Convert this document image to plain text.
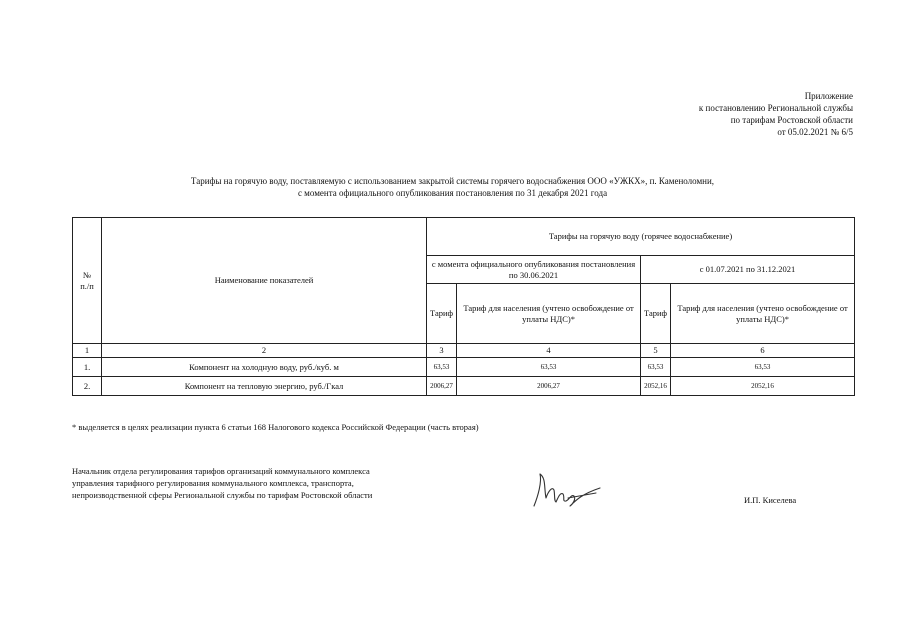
Приложение
к постановлению Региональной службы
по тарифам Ростовской области
от 05.02.2021 № 6/5
Тарифы на горячую воду, поставляемую с использованием закрытой системы горячего водоснабжения ООО «УЖКХ», п. Каменоломни,
с момента официального опубликования постановления по 31 декабря 2021 года
№
п./п	Наименование показателей	Тарифы на горячую воду (горячее водоснабжение)			
		с момента официального опубликования постановления по 30.06.2021		с 01.07.2021 по 31.12.2021	
		Тариф	Тариф для населения (учтено освобождение от уплаты НДС)*	Тариф	Тариф для населения (учтено освобождение от уплаты НДС)*
1	2	3	4	5	6
1.	Компонент на холодную воду, руб./куб. м	63,53	63,53	63,53	63,53
2.	Компонент на тепловую энергию, руб./Гкал	2006,27	2006,27	2052,16	2052,16
* выделяется в целях реализации пункта 6 статьи 168 Налогового кодекса Российской Федерации (часть вторая)
Начальник отдела регулирования тарифов организаций коммунального комплекса
управления тарифного регулирования коммунального комплекса, транспорта,
непроизводственной сферы Региональной службы по тарифам Ростовской области	И.П. Киселева
